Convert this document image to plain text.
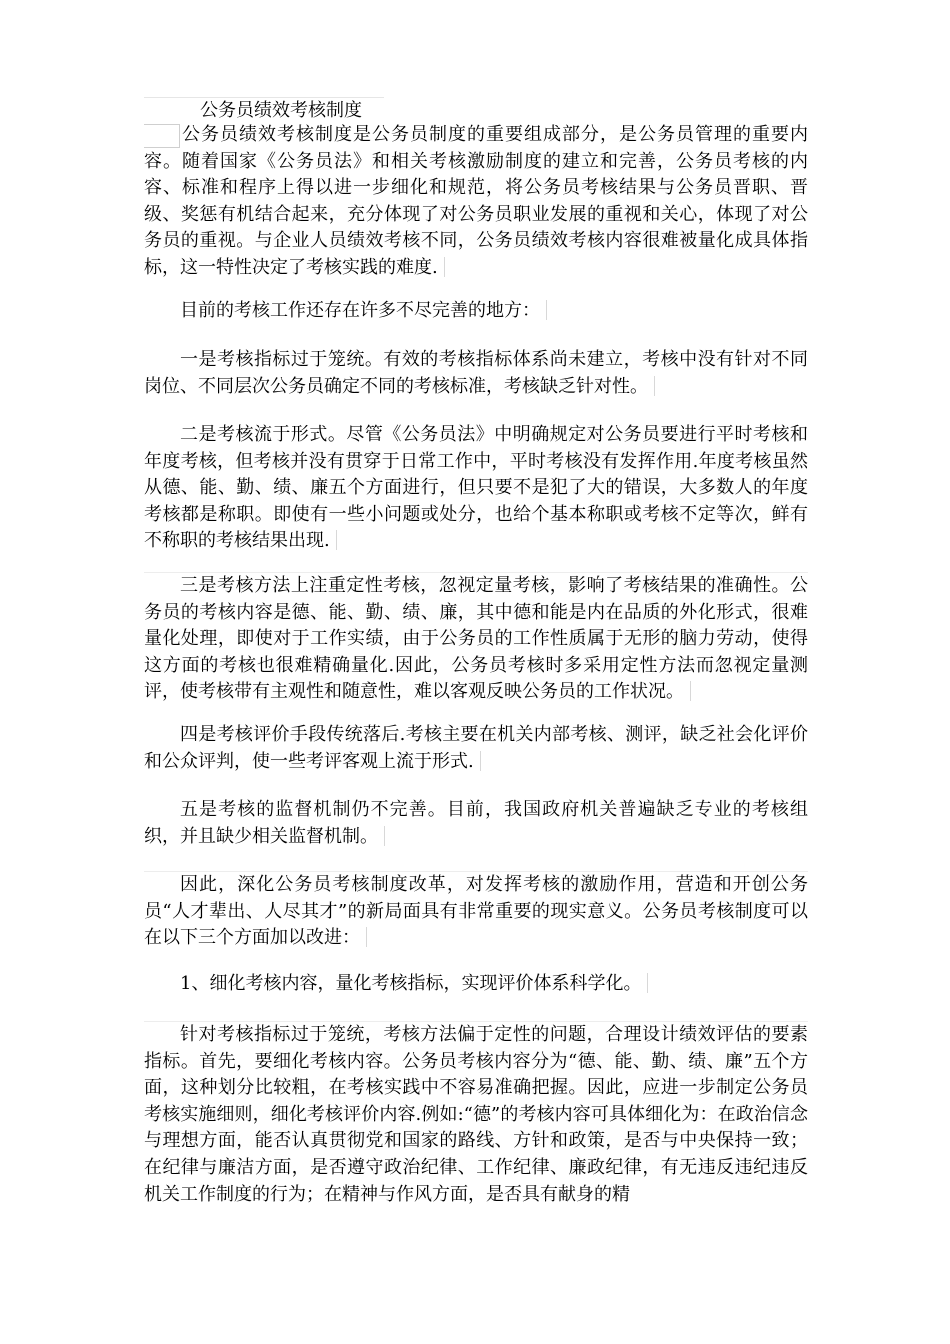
公务员绩效考核制度

公务员绩效考核制度是公务员制度的重要组成部分，是公务员管理的重要内容。随着国家《公务员法》和相关考核激励制度的建立和完善，公务员考核的内容、标准和程序上得以进一步细化和规范，将公务员考核结果与公务员晋职、晋级、奖惩有机结合起来，充分体现了对公务员职业发展的重视和关心，体现了对公务员的重视。与企业人员绩效考核不同，公务员绩效考核内容很难被量化成具体指标，这一特性决定了考核实践的难度.

目前的考核工作还存在许多不尽完善的地方：

一是考核指标过于笼统。有效的考核指标体系尚未建立，考核中没有针对不同岗位、不同层次公务员确定不同的考核标准，考核缺乏针对性。

二是考核流于形式。尽管《公务员法》中明确规定对公务员要进行平时考核和年度考核，但考核并没有贯穿于日常工作中，平时考核没有发挥作用.年度考核虽然从德、能、勤、绩、廉五个方面进行，但只要不是犯了大的错误，大多数人的年度考核都是称职。即使有一些小问题或处分，也给个基本称职或考核不定等次，鲜有不称职的考核结果出现.

三是考核方法上注重定性考核，忽视定量考核，影响了考核结果的准确性。公务员的考核内容是德、能、勤、绩、廉，其中德和能是内在品质的外化形式，很难量化处理，即使对于工作实绩，由于公务员的工作性质属于无形的脑力劳动，使得这方面的考核也很难精确量化.因此，公务员考核时多采用定性方法而忽视定量测评，使考核带有主观性和随意性，难以客观反映公务员的工作状况。

四是考核评价手段传统落后.考核主要在机关内部考核、测评，缺乏社会化评价和公众评判，使一些考评客观上流于形式.

五是考核的监督机制仍不完善。目前，我国政府机关普遍缺乏专业的考核组织，并且缺少相关监督机制。

因此，深化公务员考核制度改革，对发挥考核的激励作用，营造和开创公务员“人才辈出、人尽其才”的新局面具有非常重要的现实意义。公务员考核制度可以在以下三个方面加以改进：

1、细化考核内容，量化考核指标，实现评价体系科学化。

针对考核指标过于笼统，考核方法偏于定性的问题，合理设计绩效评估的要素指标。首先，要细化考核内容。公务员考核内容分为“德、能、勤、绩、廉”五个方面，这种划分比较粗，在考核实践中不容易准确把握。因此，应进一步制定公务员考核实施细则，细化考核评价内容.例如:“德”的考核内容可具体细化为：在政治信念与理想方面，能否认真贯彻党和国家的路线、方针和政策，是否与中央保持一致；在纪律与廉洁方面，是否遵守政治纪律、工作纪律、廉政纪律，有无违反违纪违反机关工作制度的行为；在精神与作风方面，是否具有献身的精
